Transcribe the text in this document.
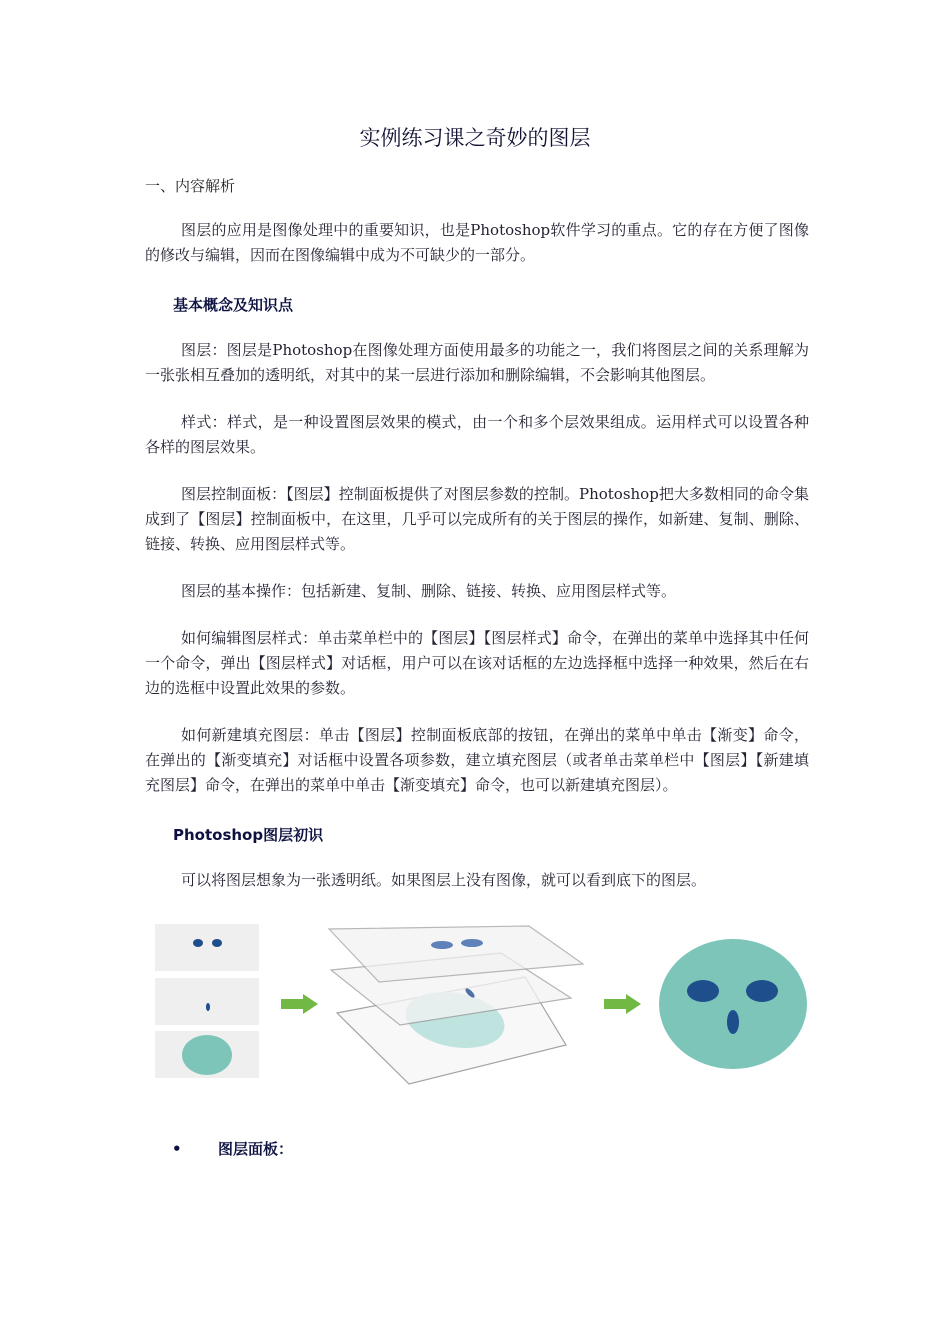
实例练习课之奇妙的图层
一、内容解析
图层的应用是图像处理中的重要知识，也是Photoshop软件学习的重点。它的存在方便了图像的修改与编辑，因而在图像编辑中成为不可缺少的一部分。
基本概念及知识点
图层：图层是Photoshop在图像处理方面使用最多的功能之一，我们将图层之间的关系理解为一张张相互叠加的透明纸，对其中的某一层进行添加和删除编辑，不会影响其他图层。
样式：样式，是一种设置图层效果的模式，由一个和多个层效果组成。运用样式可以设置各种各样的图层效果。
图层控制面板：【图层】控制面板提供了对图层参数的控制。Photoshop把大多数相同的命令集成到了【图层】控制面板中，在这里，几乎可以完成所有的关于图层的操作，如新建、复制、删除、链接、转换、应用图层样式等。
图层的基本操作：包括新建、复制、删除、链接、转换、应用图层样式等。
如何编辑图层样式：单击菜单栏中的【图层】【图层样式】命令，在弹出的菜单中选择其中任何一个命令，弹出【图层样式】对话框，用户可以在该对话框的左边选择框中选择一种效果，然后在右边的选框中设置此效果的参数。
如何新建填充图层：单击【图层】控制面板底部的按钮，在弹出的菜单中单击【渐变】命令，在弹出的【渐变填充】对话框中设置各项参数，建立填充图层（或者单击菜单栏中【图层】【新建填充图层】命令，在弹出的菜单中单击【渐变填充】命令，也可以新建填充图层）。
Photoshop图层初识
可以将图层想象为一张透明纸。如果图层上没有图像，就可以看到底下的图层。
• 图层面板：
